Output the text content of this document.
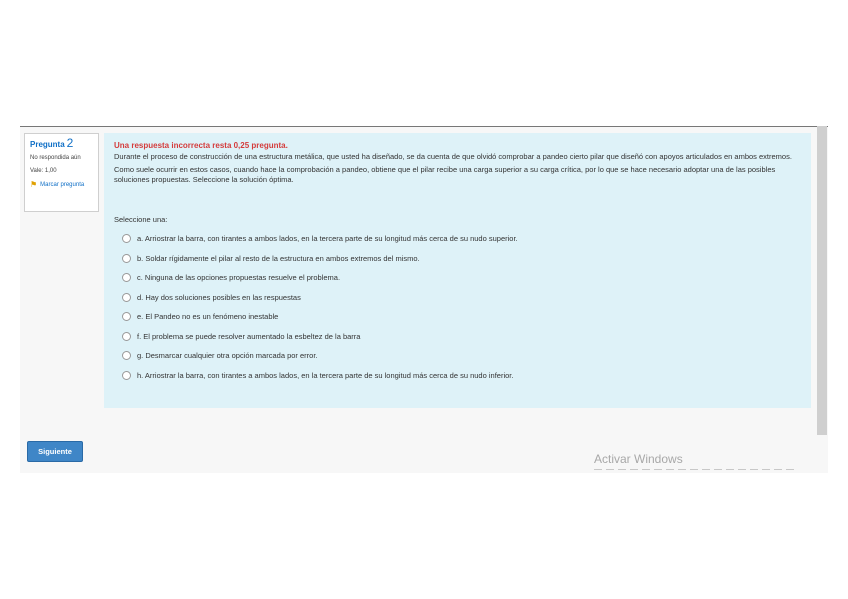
Pregunta 2
No respondida aún
Vale: 1,00
⚑ Marcar pregunta

Una respuesta incorrecta resta 0,25 pregunta.

Durante el proceso de construcción de una estructura metálica, que usted ha diseñado, se da cuenta de que olvidó comprobar a pandeo cierto pilar que diseñó con apoyos articulados en ambos extremos.

Como suele ocurrir en estos casos, cuando hace la comprobación a pandeo, obtiene que el pilar recibe una carga superior a su carga crítica, por lo que se hace necesario adoptar una de las posibles soluciones propuestas. Seleccione la solución óptima.

Seleccione una:
a. Arriostrar la barra, con tirantes a ambos lados, en la tercera parte de su longitud más cerca de su nudo superior.
b. Soldar rígidamente el pilar al resto de la estructura en ambos extremos del mismo.
c. Ninguna de las opciones propuestas resuelve el problema.
d. Hay dos soluciones posibles en las respuestas
e. El Pandeo no es un fenómeno inestable
f. El problema se puede resolver aumentado la esbeltez de la barra
g. Desmarcar cualquier otra opción marcada por error.
h. Arriostrar la barra, con tirantes a ambos lados, en la tercera parte de su longitud más cerca de su nudo inferior.
Siguiente
Activar Windows
